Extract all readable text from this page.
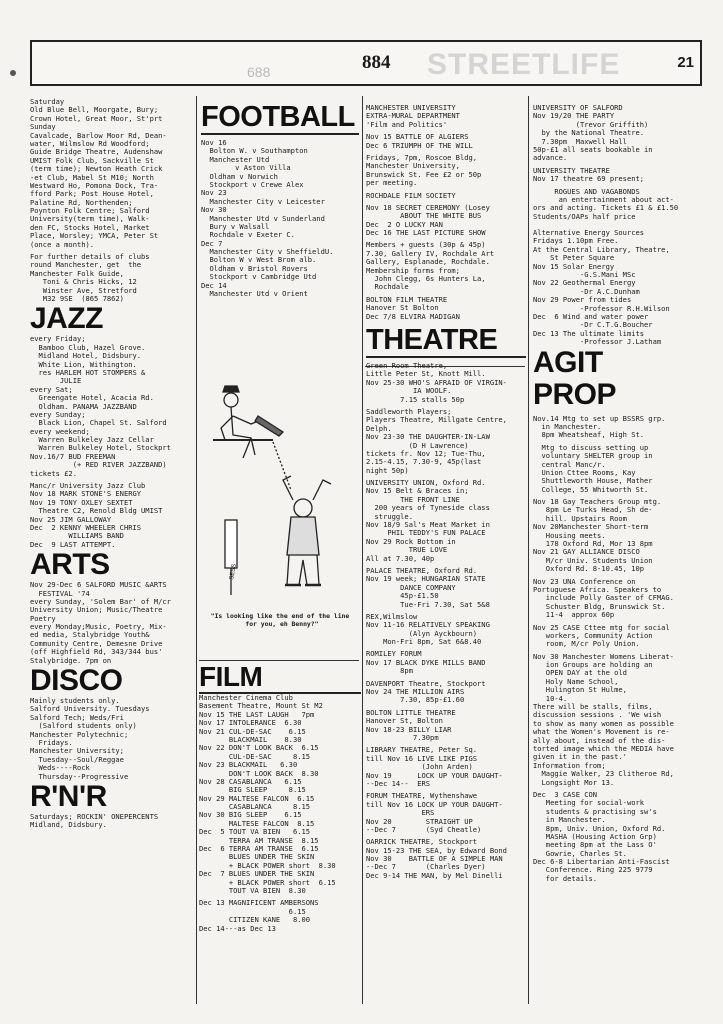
688	STREETLIFE
884	21
Saturday
Old Blue Bell, Moorgate, Bury;
Crown Hotel, Great Moor, St'prt
Sunday
Cavalcade, Barlow Moor Rd, Dean-
water, Wilmslow Rd Woodford;
Guide Bridge Theatre, Audenshaw
UMIST Folk Club, Sackville St
(term time); Newton Heath Crick
-et Club, Mabel St M10; North
Westward Ho, Pomona Dock, Tra-
fford Park; Post House Hotel,
Palatine Rd, Northenden;
Poynton Folk Centre; Salford
University(term time), Walk-
den FC, Stocks Hotel, Market
Place, Worsley; YMCA, Peter St
(once a month).
For further details of clubs
round Manchester, get  the
Manchester Folk Guide,
Toni & Chris Hicks, 12
Winster Ave, Stretford
M32 9SE  (865 7862)
JAZZ
every Friday;
Bamboo Club, Hazel Grove.
Midland Hotel, Didsbury.
White Lion, Withington.
res HARLEM HOT STOMPERS &
JULIE
every Sat;
Greengate Hotel, Acacia Rd.
Oldham. PANAMA JAZZBAND
every Sunday;
Black Lion, Chapel St. Salford
every weekend;
Warren Bulkeley Jazz Cellar
Warren Bulkeley Hotel, Stockprt
Nov.16/7 BUD FREEMAN
(+ RED RIVER JAZZBAND)
tickets £2.
Manc/r University Jazz Club
Nov 18 MARK STONE'S ENERGY
Nov 19 TONY OXLEY SEXTET
Theatre C2, Renold Bldg UMIST
Nov 25 JIM GALLOWAY
Dec  2 KENNY WHEELER CHRIS
WILLIAMS BAND
Dec  9 LAST ATTEMPT.
ARTS
Nov 29-Dec 6 SALFORD MUSIC &ARTS
FESTIVAL '74
every Sunday, 'Solem Bar' of M/cr
University Union; Music/Theatre
Poetry
every Monday;Music, Poetry, Mix-
ed media, Stalybridge Youth&
Community Centre, Demesne Drive
(off Highfield Rd, 343/344 bus'
Stalybridge. 7pm on
DISCO
Mainly students only.
Salford University. Tuesdays
Salford Tech; Weds/Fri
(Salford students only)
Manchester Polytechnic;
Fridays.
Manchester University;
Tuesday--Soul/Reggae
Weds----Rock
Thursday--Progressive
R'N'R
Saturdays; ROCKIN' ONEPERCENTS
Midland, Didsbury.
FOOTBALL
Nov 16
Bolton W. v Southampton
Manchester Utd
v Aston Villa
Oldham v Norwich
Stockport v Crewe Alex
Nov 23
Manchester City v Leicester
Nov 30
Manchester Utd v Sunderland
Bury v Walsall
Rochdale v Exeter C.
Dec 7
Manchester City v SheffieldU.
Bolton W v West Brom alb.
Oldham v Bristol Rovers
Stockport v Cambridge Utd
Dec 14
Manchester Utd v Orient
FILM
Manchester Cinema Club
Basement Theatre, Mount St M2
Nov 15 THE LAST LAUGH   7pm
Nov 17 INTOLERANCE  6.30
Nov 21 CUL-DE-SAC    6.15
BLACKMAIL    8.30
Nov 22 DON'T LOOK BACK  6.15
CUL-DE-SAC     8.15
Nov 23 BLACKMAIL   6.30
DON'T LOOK BACK  8.30
Nov 28 CASABLANCA   6.15
BIG SLEEP     8.15
Nov 29 MALTESE FALCON  6.15
CASABLANCA     8.15
Nov 30 BIG SLEEP    6.15
MALTESE FALCON  8.15
Dec  5 TOUT VA BIEN   6.15
TERRA AM TRANSE  8.15
Dec  6 TERRA AM TRANSE  6.15
BLUES UNDER THE SKIN
+ BLACK POWER short  8.30
Dec  7 BLUES UNDER THE SKIN
+ BLACK POWER short  6.15
TOUT VA BIEN  8.30
Dec 13 MAGNIFICENT AMBERSONS
6.15
CITIZEN KANE   8.00
Dec 14---as Dec 13
MANCHESTER UNIVERSITY
EXTRA-MURAL DEPARTMENT
'Film and Politics'
Nov 15 BATTLE OF ALGIERS
Dec 6 TRIUMPH OF THE WILL
Fridays, 7pm, Roscoe Bldg,
Manchester University,
Brunswick St. Fee £2 or 50p
per meeting.
ROCHDALE FILM SOCIETY
Nov 18 SECRET CEREMONY (Losey
ABOUT THE WHITE BUS
Dec  2 O LUCKY MAN
Dec 16 THE LAST PICTURE SHOW
Members + guests (30p & 45p)
7.30, Gallery IV, Rochdale Art
Gallery, Esplanade, Rochdale.
Membership forms from;
John Clegg, 6s Hunters La,
Rochdale
BOLTON FILM THEATRE
Hanover St Bolton
Dec 7/8 ELVIRA MADIGAN
THEATRE
Green Room Theatre,
Little Peter St, Knott Mill.
Nov 25-30 WHO'S AFRAID OF VIRGIN-
IA WOOLF.
7.15 stalls 50p
Saddleworth Players;
Players Theatre, Millgate Centre,
Delph.
Nov 23-30 THE DAUGHTER-IN-LAW
(D H Lawrence)
tickets fr. Nov 12; Tue-Thu,
2.15-4.15, 7.30-9, 45p(last
night 50p)
UNIVERSITY UNION, Oxford Rd.
Nov 15 Belt & Braces in;
THE FRONT LINE
200 years of Tyneside class
struggle.
Nov 18/9 Sal's Meat Market in
PHIL TEDDY'S FUN PALACE
Nov 29 Rock Bottom in
TRUE LOVE
All at 7.30, 40p
PALACE THEATRE, Oxford Rd.
Nov 19 week; HUNGARIAN STATE
DANCE COMPANY
45p-£1.50
Tue-Fri 7.30, Sat 5&8
REX,Wilmslow
Nov 11-16 RELATIVELY SPEAKING
(Alyn Ayckbourn)
Mon-Fri 8pm, Sat 6&8.40
ROMILEY FORUM
Nov 17 BLACK DYKE MILLS BAND
8pm
DAVENPORT Theatre, Stockport
Nov 24 THE MILLION AIRS
7.30, 85p-£1.60
BOLTON LITTLE THEATRE
Hanover St, Bolton
Nov 18-23 BILLY LIAR
7.30pm
LIBRARY THEATRE, Peter Sq.
till Nov 16 LIVE LIKE PIGS
(John Arden)
Nov 19      LOCK UP YOUR DAUGHT-
--Dec 14--  ERS
FORUM THEATRE, Wythenshawe
till Nov 16 LOCK UP YOUR DAUGHT-
ERS
Nov 20        STRAIGHT UP
--Dec 7       (Syd Cheatle)
OARRICK THEATRE, Stockport
Nov 15-23 THE SEA, by Edward Bond
Nov 30    BATTLE OF A SIMPLE MAN
--Dec 7       (Charles Dyer)
Dec 9-14 THE MAN, by Mel Dinelli
UNIVERSITY OF SALFORD
Nov 19/20 THE PARTY
(Trevor Griffith)
by the National Theatre.
7.30pm  Maxwell Hall
50p-£1 all seats bookable in
advance.
UNIVERSITY THEATRE
Nov 17 theatre 69 present;
ROGUES AND VAGABONDS
an entertainment about act-
ors and acting. Tickets £1 & £1.50
Students/OAPs half price
Alternative Energy Sources
Fridays 1.10pm Free.
At the Central Library, Theatre,
St Peter Square
Nov 15 Solar Energy
-G.S.Mani MSc
Nov 22 Geothermal Energy
-Dr A.C.Dunham
Nov 29 Power from tides
-Professor R.H.Wilson
Dec  6 Wind and water power
-Dr C.T.G.Boucher
Dec 13 The ultimate limits
-Professor J.Latham
AGIT
PROP
Nov.14 Mtg to set up BSSRS grp.
in Manchester.
8pm Wheatsheaf, High St.
Mtg to discuss setting up
voluntary SHELTER group in
central Manc/r.
Union Cttee Rooms, Kay
Shuttleworth House, Mather
College, 55 Whitworth St.
Nov 18 Gay Teachers Group mtg.
8pm Le Turks Head, Sh de-
hill. Upstairs Room
Nov 20Manchester Short-term
Housing meets.
178 Oxford Rd, Mor 13 8pm
Nov 21 GAY ALLIANCE DISCO
M/cr Univ. Students Union
Oxford Rd. 8-10.45, 10p
Nov 23 UNA Conference on
Portuguese Africa. Speakers to
include Polly Gaster of CFMAG.
Schuster Bldg, Brunswick St.
11-4  approx 60p
Nov 25 CASE Cttee mtg for social
workers, Community Action
room, M/cr Poly Union.
Nov 30 Manchester Womens Liberat-
ion Groups are holding an
OPEN DAY at the old
Holy Name School,
Hulington St Hulme,
10-4.
There will be stalls, films,
discussion sessions . 'We wish
to show as many women as possible
what the Women's Movement is re-
ally about, instead of the dis-
torted image which the MEDIA have
given it in the past.'
Information from;
Maggie Walker, 23 Clitheroe Rd,
Longsight Mor 13.
Dec  3 CASE CON
Meeting for social-work
students & practising sw's
in Manchester.
8pm, Univ. Union, Oxford Rd.
MASHA (Housing Action Grp)
meeting 8pm at the Lass O'
Gowrie, Charles St.
Dec 6-8 Libertarian Anti-Fascist
Conference. Ring 225 9779
for details.
SESS
"Is looking like the end of the line
for you, eh Benny?"
